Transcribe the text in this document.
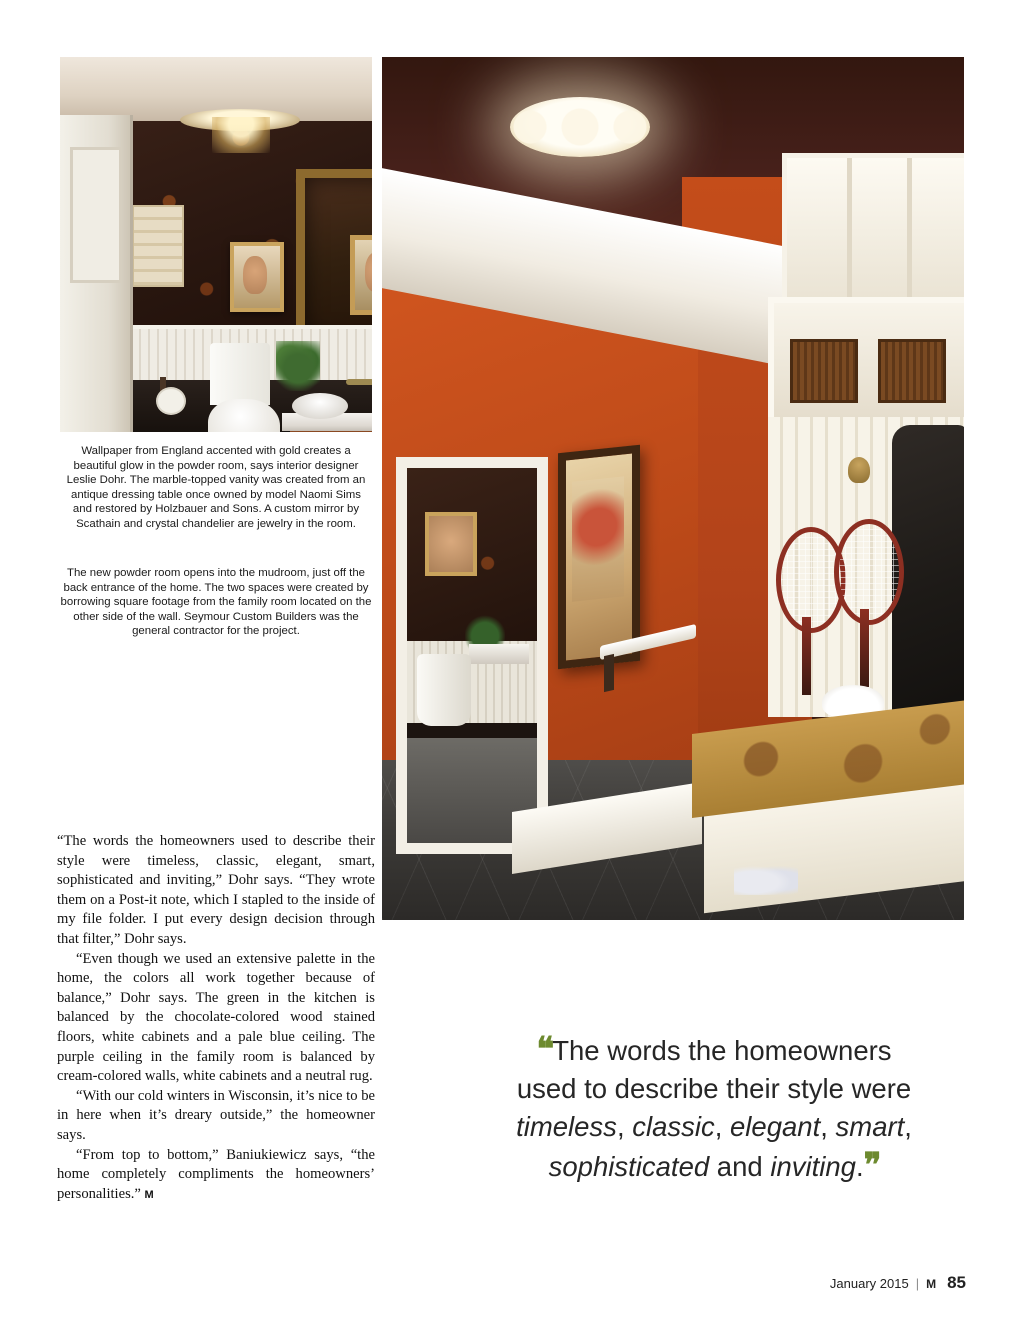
Wallpaper from England accented with gold creates a beautiful glow in the powder room, says interior designer Leslie Dohr. The marble-topped vanity was created from an antique dressing table once owned by model Naomi Sims and restored by Holzbauer and Sons. A custom mirror by Scathain and crystal chandelier are jewelry in the room.
The new powder room opens into the mudroom, just off the back entrance of the home. The two spaces were created by borrowing square footage from the family room located on the other side of the wall. Seymour Custom Builders was the general contractor for the project.

“The words the homeowners used to describe their style were timeless, classic, elegant, smart, sophisticated and inviting,” Dohr says. “They wrote them on a Post-it note, which I stapled to the inside of my file folder. I put every design decision through that filter,” Dohr says.

“Even though we used an extensive palette in the home, the colors all work together because of balance,” Dohr says. The green in the kitchen is balanced by the chocolate-colored wood stained floors, white cabinets and a pale blue ceiling. The purple ceiling in the family room is balanced by cream-colored walls, white cabinets and a neutral rug.

“With our cold winters in Wisconsin, it’s nice to be in here when it’s dreary outside,” the homeowner says.

“From top to bottom,” Baniukiewicz says, “the home completely compliments the homeowners’ personalities.” M

❝The words the homeowners
used to describe their style were
timeless, classic, elegant, smart,
sophisticated and inviting.❞
January 2015 | M 85
